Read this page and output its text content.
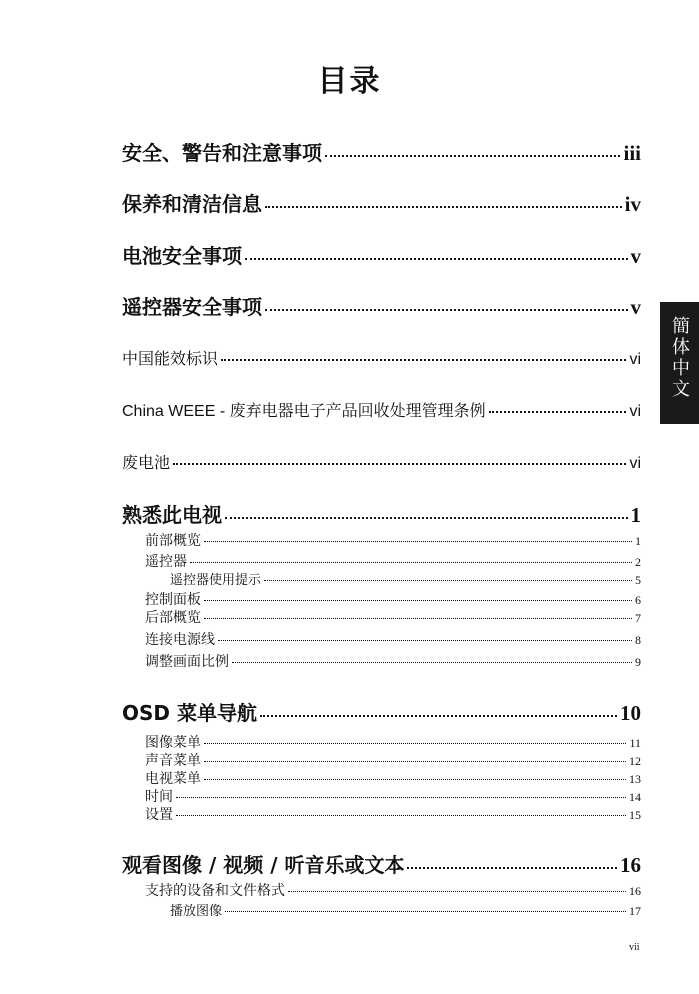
目录
簡体中文
安全、警告和注意事项	iii
保养和清洁信息	iv
电池安全事项	v
遥控器安全事项	v
中国能效标识	vi
China WEEE - 废弃电器电子产品回收处理管理条例	vi
废电池	vi
熟悉此电视	1
前部概览	1
遥控器	2
遥控器使用提示	5
控制面板	6
后部概览	7
连接电源线	8
调整画面比例	9
OSD 菜单导航	10
图像菜单	11
声音菜单	12
电视菜单	13
时间	14
设置	15
观看图像 / 视频 / 听音乐或文本	16
支持的设备和文件格式	16
播放图像	17
vii
